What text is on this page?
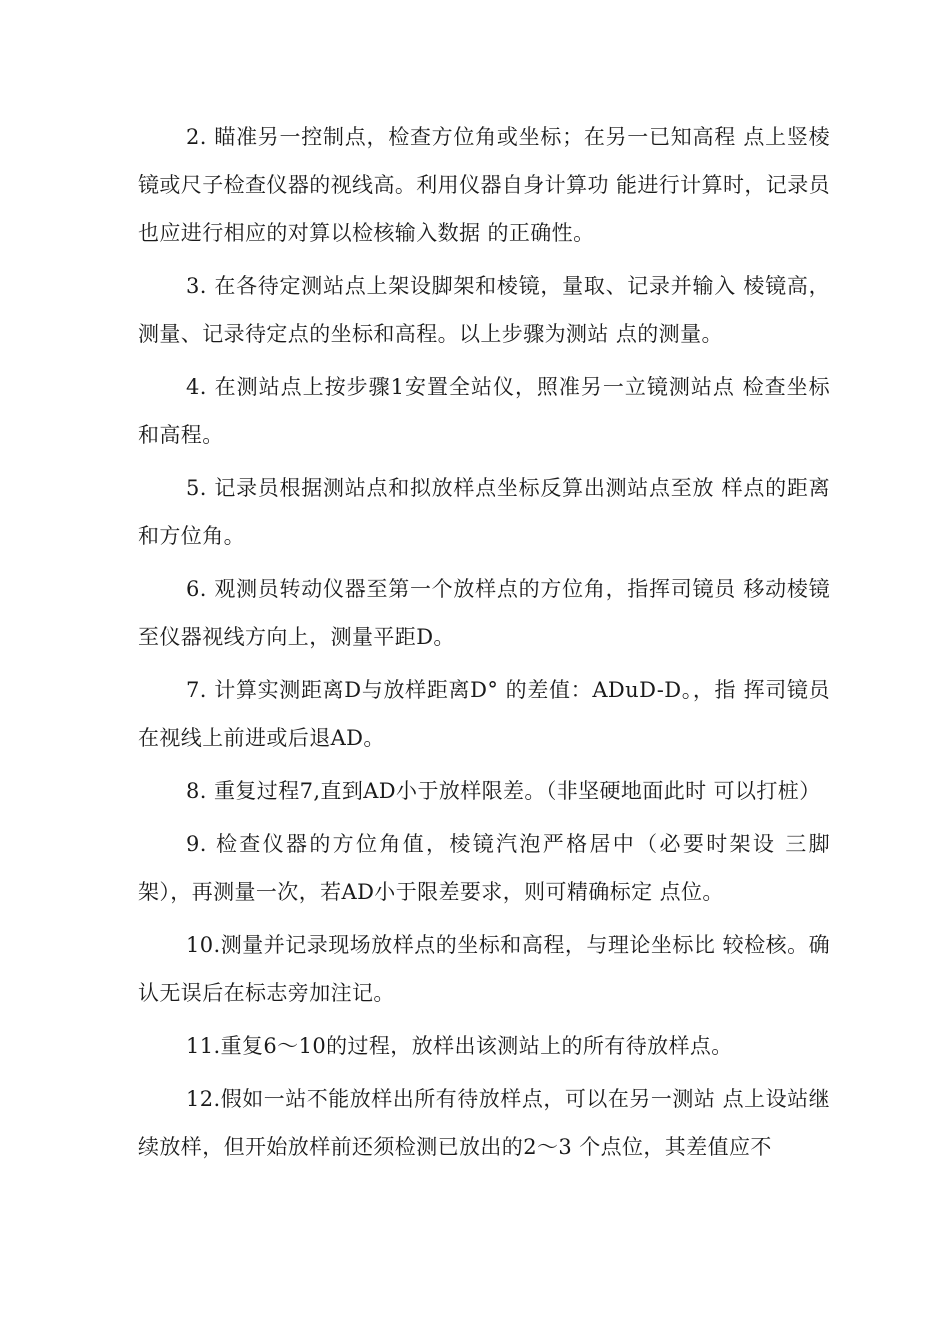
2. 瞄准另一控制点，检查方位角或坐标；在另一已知高程 点上竖棱镜或尺子检查仪器的视线高。利用仪器自身计算功 能进行计算时，记录员也应进行相应的对算以检核输入数据 的正确性。

3. 在各待定测站点上架设脚架和棱镜，量取、记录并输入 棱镜高，测量、记录待定点的坐标和高程。以上步骤为测站 点的测量。

4. 在测站点上按步骤1安置全站仪，照准另一立镜测站点 检查坐标和高程。

5. 记录员根据测站点和拟放样点坐标反算出测站点至放 样点的距离和方位角。

6. 观测员转动仪器至第一个放样点的方位角，指挥司镜员 移动棱镜至仪器视线方向上，测量平距D。

7. 计算实测距离D与放样距离D° 的差值：ADuD-D。，指 挥司镜员在视线上前进或后退AD。

8. 重复过程7,直到AD小于放样限差。（非坚硬地面此时 可以打桩）

9. 检查仪器的方位角值，棱镜汽泡严格居中（必要时架设 三脚架），再测量一次，若AD小于限差要求，则可精确标定 点位。

10.测量并记录现场放样点的坐标和高程，与理论坐标比 较检核。确认无误后在标志旁加注记。

11.重复6〜10的过程，放样出该测站上的所有待放样点。

12.假如一站不能放样出所有待放样点，可以在另一测站 点上设站继续放样，但开始放样前还须检测已放出的2〜3 个点位，其差值应不
